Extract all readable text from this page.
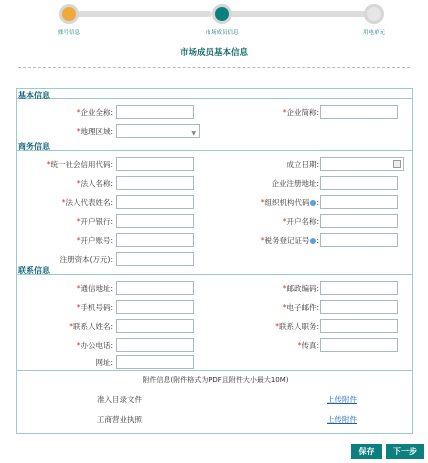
账号信息	市场成员信息	用电单元
市场成员基本信息
基本信息
*企业全称:	*企业简称:
*地理区域:	▼
商务信息
*统一社会信用代码:	成立日期:
*法人名称:	企业注册地址:
*法人代表姓名:	*组织机构代码 :
*开户银行:	*开户名称:
*开户账号:	*税务登记证号 :
注册资本(万元):
联系信息
*通信地址:	*邮政编码:
*手机号码:	*电子邮件:
*联系人姓名:	*联系人职务:
*办公电话:	*传真:
网址:
附件信息(附件格式为PDF且附件大小最大10M)
准入目录文件	上传附件
工商营业执照	上传附件
保存	下一步
